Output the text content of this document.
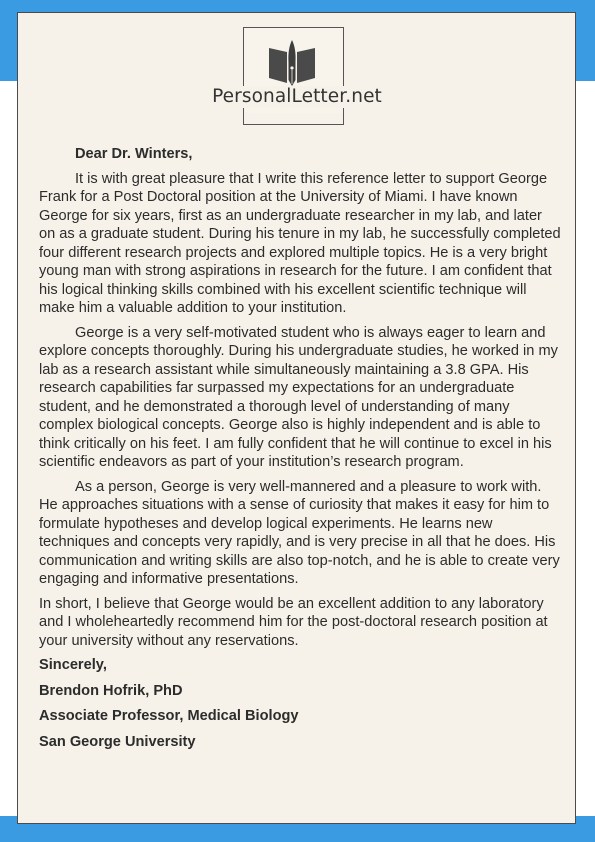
PersonalLetter.net

Dear Dr. Winters,

It is with great pleasure that I write this reference letter to support George Frank for a Post Doctoral position at the University of Miami. I have known George for six years, first as an undergraduate researcher in my lab, and later on as a graduate student. During his tenure in my lab, he successfully completed four different research projects and explored multiple topics. He is a very bright young man with strong aspirations in research for the future. I am confident that his logical thinking skills combined with his excellent scientific technique will make him a valuable addition to your institution.

George is a very self-motivated student who is always eager to learn and explore concepts thoroughly. During his undergraduate studies, he worked in my lab as a research assistant while simultaneously maintaining a 3.8 GPA. His research capabilities far surpassed my expectations for an undergraduate student, and he demonstrated a thorough level of understanding of many complex biological concepts. George also is highly independent and is able to think critically on his feet. I am fully confident that he will continue to excel in his scientific endeavors as part of your institution’s research program.

As a person, George is very well-mannered and a pleasure to work with. He approaches situations with a sense of curiosity that makes it easy for him to formulate hypotheses and develop logical experiments. He learns new techniques and concepts very rapidly, and is very precise in all that he does. His communication and writing skills are also top-notch, and he is able to create very engaging and informative presentations.

In short, I believe that George would be an excellent addition to any laboratory and I wholeheartedly recommend him for the post-doctoral research position at your university without any reservations.

Sincerely,

Brendon Hofrik, PhD

Associate Professor, Medical Biology

San George University
